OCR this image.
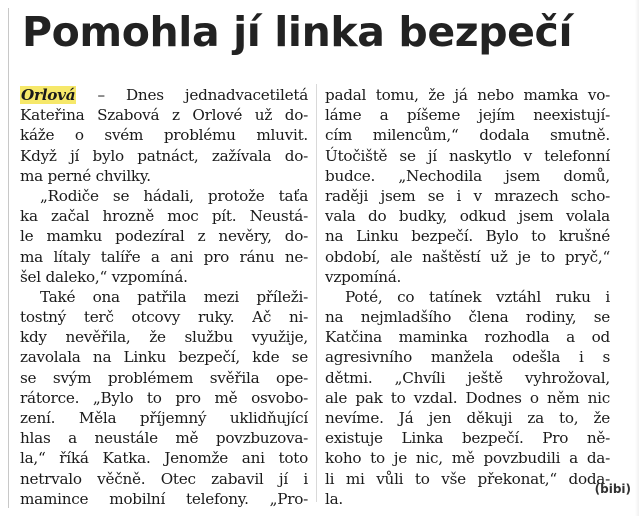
Pomohla jí linka bezpečí
Orlová – Dnes jednadvacetiletá
Kateřina Szabová z Orlové už do-
káže o svém problému mluvit.
Když jí bylo patnáct, zažívala do-
ma perné chvilky.
„Rodiče se hádali, protože taťa
ka začal hrozně moc pít. Neustá-
le mamku podezíral z nevěry, do-
ma lítaly talíře a ani pro ránu ne-
šel daleko,“ vzpomíná.
Také ona patřila mezi příleži-
tostný terč otcovy ruky. Ač ni-
kdy nevěřila, že službu využije,
zavolala na Linku bezpečí, kde se
se svým problémem svěřila ope-
rátorce. „Bylo to pro mě osvobo-
zení. Měla příjemný uklidňující
hlas a neustále mě povzbuzova-
la,“ říká Katka. Jenomže ani toto
netrvalo věčně. Otec zabavil jí i
mamince mobilní telefony. „Pro-
padal tomu, že já nebo mamka vo-
láme a píšeme jejím neexistují-
cím milencům,“ dodala smutně.
Útočiště se jí naskytlo v telefonní
budce. „Nechodila jsem domů,
raději jsem se i v mrazech scho-
vala do budky, odkud jsem volala
na Linku bezpečí. Bylo to krušné
období, ale naštěstí už je to pryč,“
vzpomíná.
Poté, co tatínek vztáhl ruku i
na nejmladšího člena rodiny, se
Katčina maminka rozhodla a od
agresivního manžela odešla i s
dětmi. „Chvíli ještě vyhrožoval,
ale pak to vzdal. Dodnes o něm nic
nevíme. Já jen děkuji za to, že
existuje Linka bezpečí. Pro ně-
koho to je nic, mě povzbudili a da-
li mi vůli to vše překonat,“ doda-
la.
(bibi)
